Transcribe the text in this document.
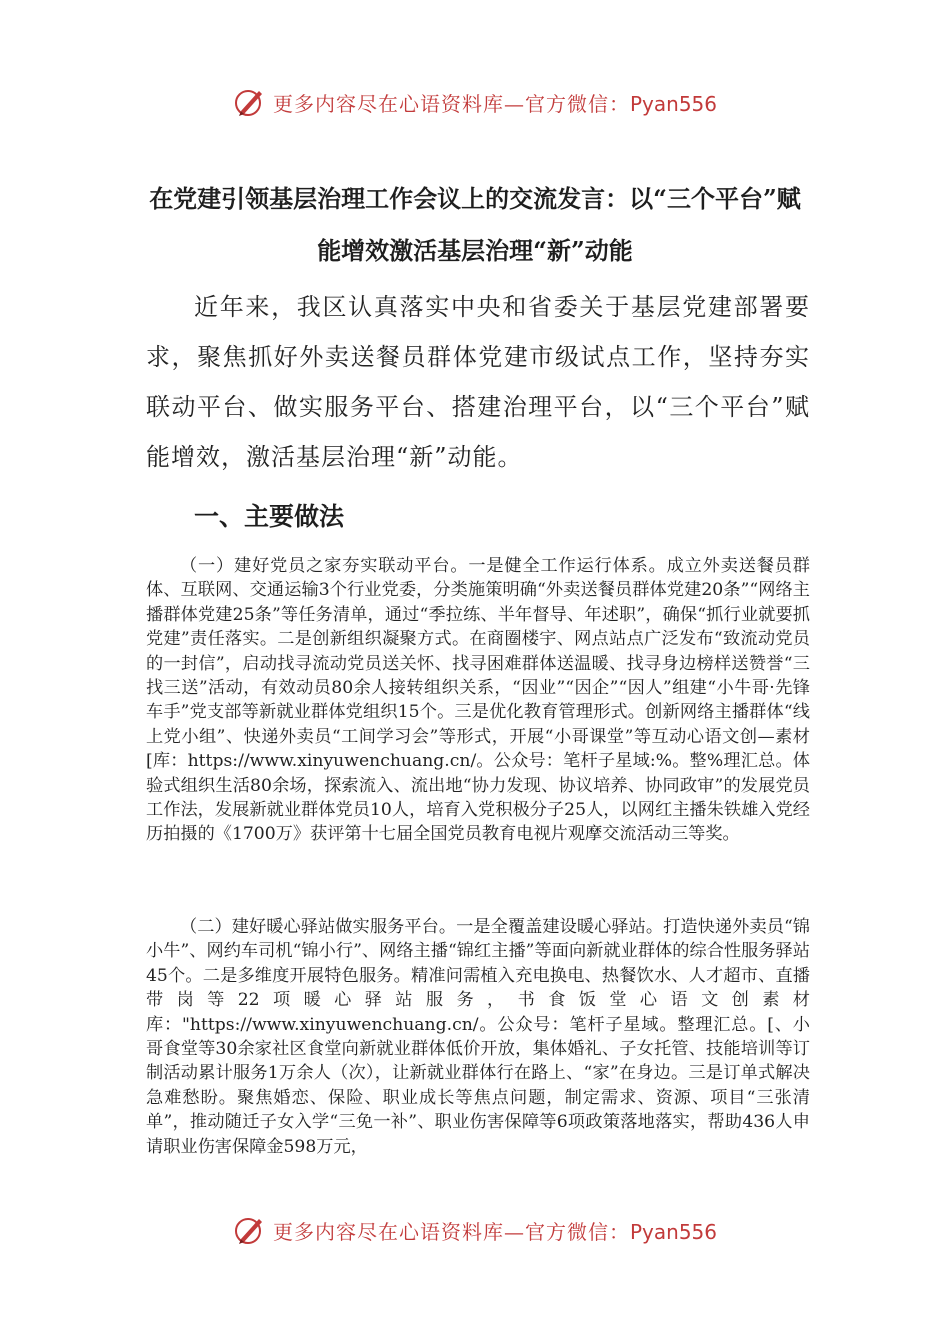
更多内容尽在心语资料库—官方微信：Pyan556
在党建引领基层治理工作会议上的交流发言：以“三个平台”赋能增效激活基层治理“新”动能

近年来，我区认真落实中央和省委关于基层党建部署要求，聚焦抓好外卖送餐员群体党建市级试点工作，坚持夯实联动平台、做实服务平台、搭建治理平台，以“三个平台”赋能增效，激活基层治理“新”动能。

一、主要做法

（一）建好党员之家夯实联动平台。一是健全工作运行体系。成立外卖送餐员群体、互联网、交通运输3个行业党委，分类施策明确“外卖送餐员群体党建20条”“网络主播群体党建25条”等任务清单，通过“季拉练、半年督导、年述职”，确保“抓行业就要抓党建”责任落实。二是创新组织凝聚方式。在商圈楼宇、网点站点广泛发布“致流动党员的一封信”，启动找寻流动党员送关怀、找寻困难群体送温暖、找寻身边榜样送赞誉“三找三送”活动，有效动员80余人接转组织关系，“因业”“因企”“因人”组建“小牛哥·先锋车手”党支部等新就业群体党组织15个。三是优化教育管理形式。创新网络主播群体“线上党小组”、快递外卖员“工间学习会”等形式，开展“小哥课堂”等互动心语文创—素材[库：https://www.xinyuwenchuang.cn/。公众号：笔杆子星域:%。整%理汇总。体验式组织生活80余场，探索流入、流出地“协力发现、协议培养、协同政审”的发展党员工作法，发展新就业群体党员10人，培育入党积极分子25人，以网红主播朱铁雄入党经历拍摄的《1700万》获评第十七届全国党员教育电视片观摩交流活动三等奖。

（二）建好暖心驿站做实服务平台。一是全覆盖建设暖心驿站。打造快递外卖员“锦小牛”、网约车司机“锦小行”、网络主播“锦红主播”等面向新就业群体的综合性服务驿站45个。二是多维度开展特色服务。精准问需植入充电换电、热餐饮水、人才超市、直播带岗等22项暖心驿站服务，书食饭堂心语文创素材库："https://www.xinyuwenchuang.cn/。公众号：笔杆子星域。整理汇总。[、小哥食堂等30余家社区食堂向新就业群体低价开放，集体婚礼、子女托管、技能培训等订制活动累计服务1万余人（次），让新就业群体行在路上、“家”在身边。三是订单式解决急难愁盼。聚焦婚恋、保险、职业成长等焦点问题，制定需求、资源、项目“三张清单”，推动随迁子女入学“三免一补”、职业伤害保障等6项政策落地落实，帮助436人申请职业伤害保障金598万元，

更多内容尽在心语资料库—官方微信：Pyan556
